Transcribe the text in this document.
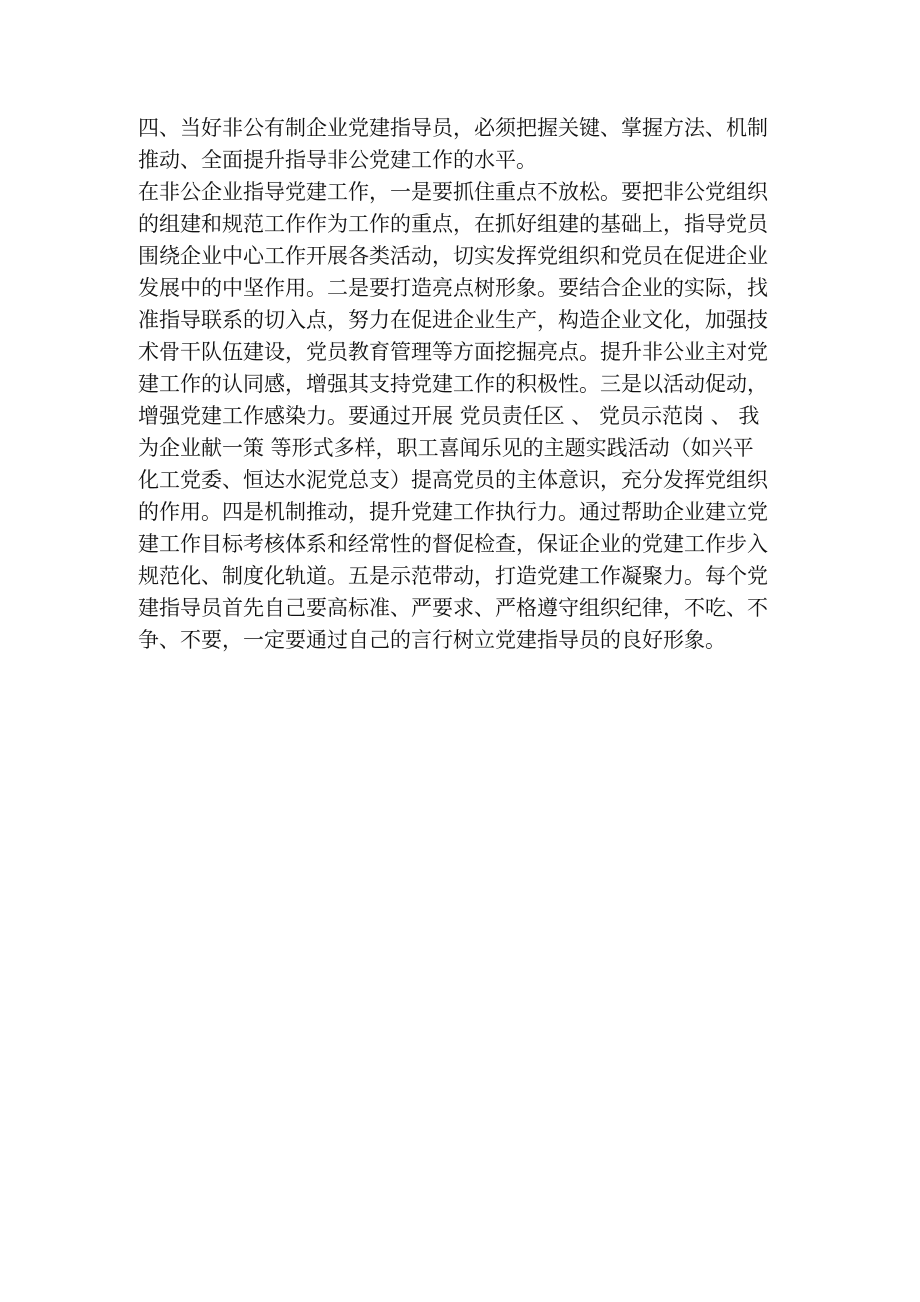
四、当好非公有制企业党建指导员，必须把握关键、掌握方法、机制
推动、全面提升指导非公党建工作的水平。
在非公企业指导党建工作，一是要抓住重点不放松。要把非公党组织
的组建和规范工作作为工作的重点，在抓好组建的基础上，指导党员
围绕企业中心工作开展各类活动，切实发挥党组织和党员在促进企业
发展中的中坚作用。二是要打造亮点树形象。要结合企业的实际，找
准指导联系的切入点，努力在促进企业生产，构造企业文化，加强技
术骨干队伍建设，党员教育管理等方面挖掘亮点。提升非公业主对党
建工作的认同感，增强其支持党建工作的积极性。三是以活动促动，
增强党建工作感染力。要通过开展 党员责任区 、 党员示范岗 、 我
为企业献一策 等形式多样，职工喜闻乐见的主题实践活动（如兴平
化工党委、恒达水泥党总支）提高党员的主体意识，充分发挥党组织
的作用。四是机制推动，提升党建工作执行力。通过帮助企业建立党
建工作目标考核体系和经常性的督促检查，保证企业的党建工作步入
规范化、制度化轨道。五是示范带动，打造党建工作凝聚力。每个党
建指导员首先自己要高标准、严要求、严格遵守组织纪律，不吃、不
争、不要，一定要通过自己的言行树立党建指导员的良好形象。
